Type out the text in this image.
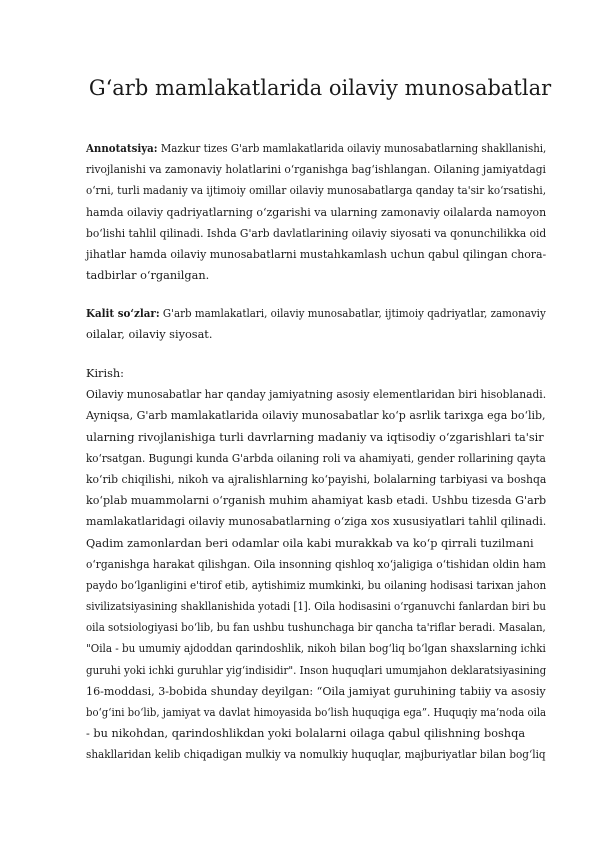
G‘arb mamlakatlarida oilaviy munosabatlar
Annotatsiya: Mazkur tizes G'arb mamlakatlarida oilaviy munosabatlarning shakllanishi,
rivojlanishi va zamonaviy holatlarini o‘rganishga bag‘ishlangan. Oilaning jamiyatdagi
o‘rni, turli madaniy va ijtimoiy omillar oilaviy munosabatlarga qanday ta'sir ko‘rsatishi,
hamda oilaviy qadriyatlarning o‘zgarishi va ularning zamonaviy oilalarda namoyon
bo‘lishi tahlil qilinadi. Ishda G'arb davlatlarining oilaviy siyosati va qonunchilikka oid
jihatlar hamda oilaviy munosabatlarni mustahkamlash uchun qabul qilingan chora-
tadbirlar o‘rganilgan.
Kalit so‘zlar: G'arb mamlakatlari, oilaviy munosabatlar, ijtimoiy qadriyatlar, zamonaviy
oilalar, oilaviy siyosat.
Kirish:
Oilaviy munosabatlar har qanday jamiyatning asosiy elementlaridan biri hisoblanadi.
Ayniqsa, G'arb mamlakatlarida oilaviy munosabatlar ko‘p asrlik tarixga ega bo‘lib,
ularning rivojlanishiga turli davrlarning madaniy va iqtisodiy o‘zgarishlari ta'sir
ko‘rsatgan. Bugungi kunda G'arbda oilaning roli va ahamiyati, gender rollarining qayta
ko‘rib chiqilishi, nikoh va ajralishlarning ko‘payishi, bolalarning tarbiyasi va boshqa
ko‘plab muammolarni o‘rganish muhim ahamiyat kasb etadi. Ushbu tizesda G'arb
mamlakatlaridagi oilaviy munosabatlarning o‘ziga xos xususiyatlari tahlil qilinadi.
Qadim zamonlardan beri odamlar oila kabi murakkab va ko‘p qirrali tuzilmani
o‘rganishga harakat qilishgan. Oila insonning qishloq xo‘jaligiga o‘tishidan oldin ham
paydo bo‘lganligini e'tirof etib, aytishimiz mumkinki, bu oilaning hodisasi tarixan jahon
sivilizatsiyasining shakllanishida yotadi [1]. Oila hodisasini o‘rganuvchi fanlardan biri bu
oila sotsiologiyasi bo‘lib, bu fan ushbu tushunchaga bir qancha ta'riflar beradi. Masalan,
"Oila - bu umumiy ajdoddan qarindoshlik, nikoh bilan bog‘liq bo‘lgan shaxslarning ichki
guruhi yoki ichki guruhlar yig‘indisidir". Inson huquqlari umumjahon deklaratsiyasining
16-moddasi, 3-bobida shunday deyilgan: “Oila jamiyat guruhining tabiiy va asosiy
bo‘g‘ini bo‘lib, jamiyat va davlat himoyasida bo‘lish huquqiga ega”. Huquqiy ma’noda oila
- bu nikohdan, qarindoshlikdan yoki bolalarni oilaga qabul qilishning boshqa
shakllaridan kelib chiqadigan mulkiy va nomulkiy huquqlar, majburiyatlar bilan bog‘liq
